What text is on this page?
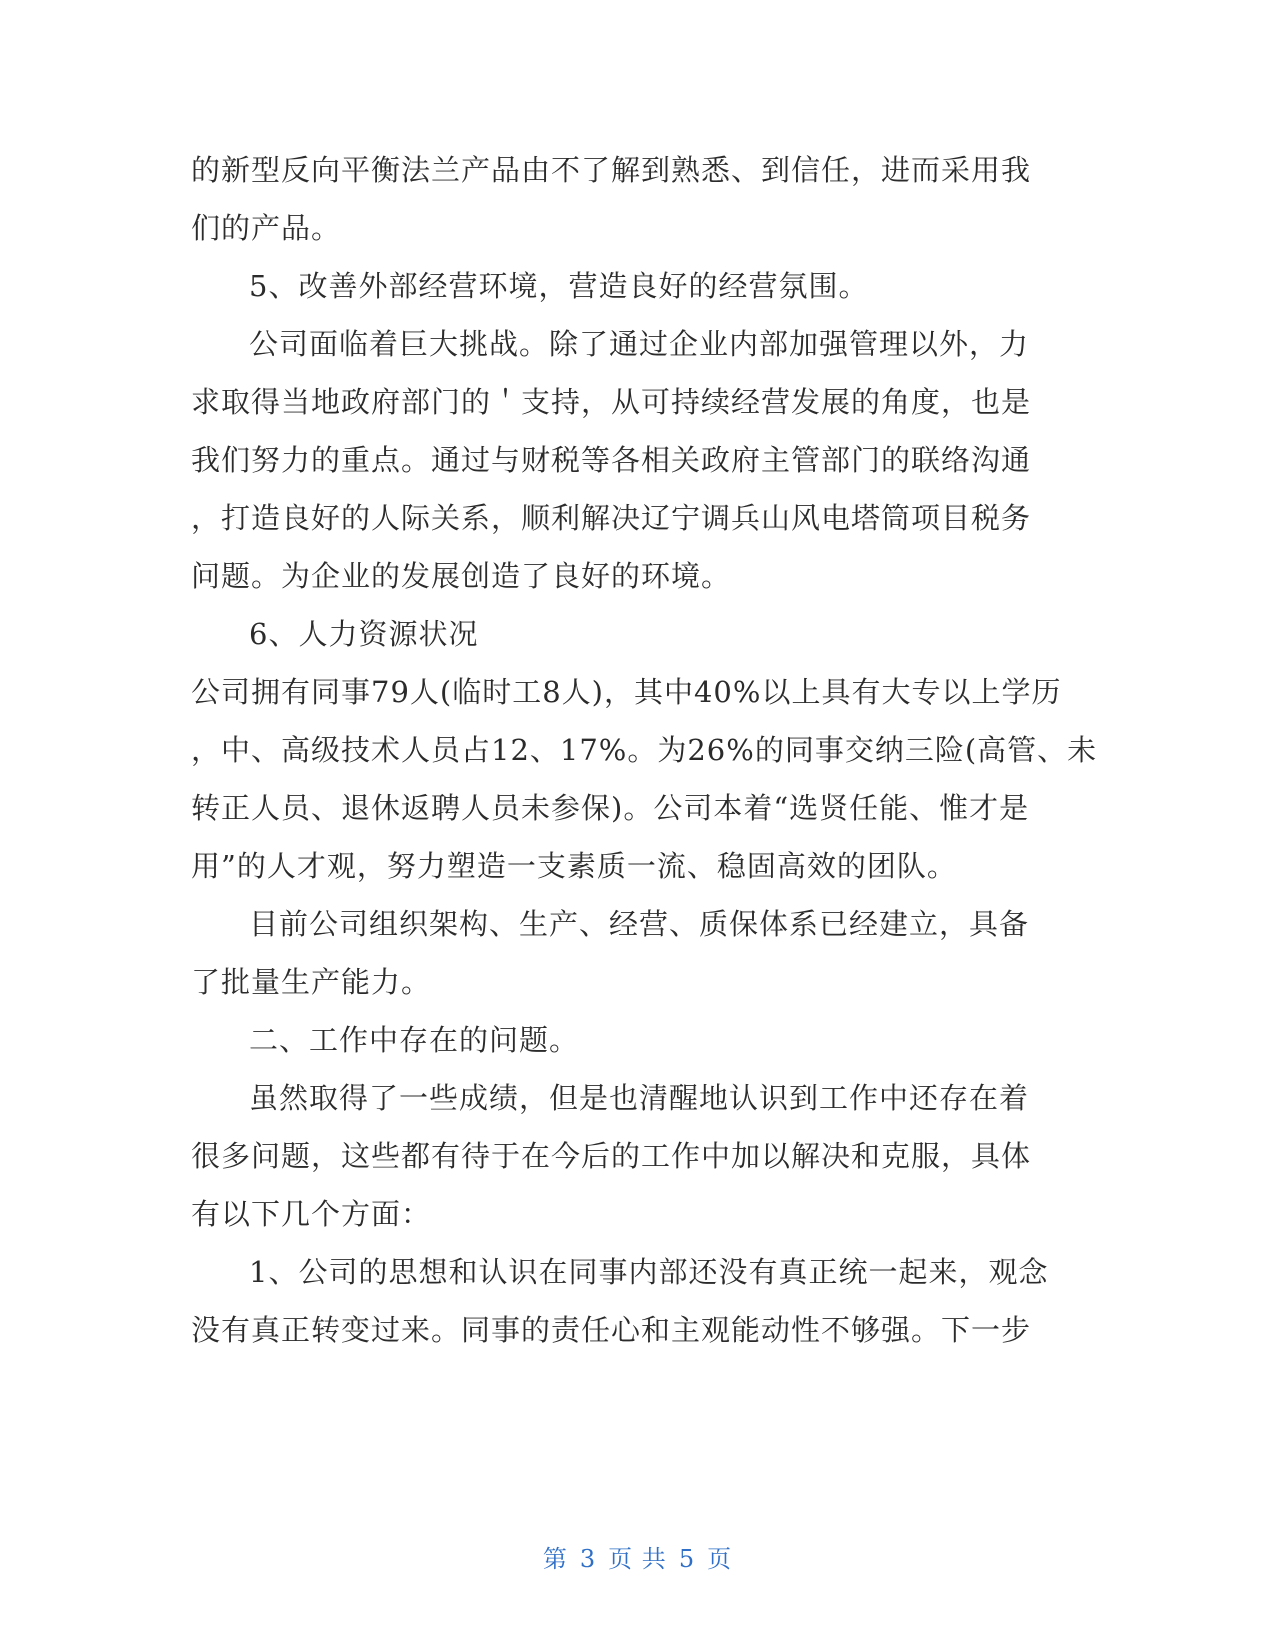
的新型反向平衡法兰产品由不了解到熟悉、到信任，进而采用我
们的产品。
5、改善外部经营环境，营造良好的经营氛围。
公司面临着巨大挑战。除了通过企业内部加强管理以外，力
求取得当地政府部门的＇支持，从可持续经营发展的角度，也是
我们努力的重点。通过与财税等各相关政府主管部门的联络沟通
，打造良好的人际关系，顺利解决辽宁调兵山风电塔筒项目税务
问题。为企业的发展创造了良好的环境。
6、人力资源状况
公司拥有同事79人(临时工8人)，其中40%以上具有大专以上学历
，中、高级技术人员占12、17%。为26%的同事交纳三险(高管、未
转正人员、退休返聘人员未参保)。公司本着“选贤任能、惟才是
用”的人才观，努力塑造一支素质一流、稳固高效的团队。
目前公司组织架构、生产、经营、质保体系已经建立，具备
了批量生产能力。
二、工作中存在的问题。
虽然取得了一些成绩，但是也清醒地认识到工作中还存在着
很多问题，这些都有待于在今后的工作中加以解决和克服，具体
有以下几个方面：
1、公司的思想和认识在同事内部还没有真正统一起来，观念
没有真正转变过来。同事的责任心和主观能动性不够强。下一步
第 3 页 共 5 页
